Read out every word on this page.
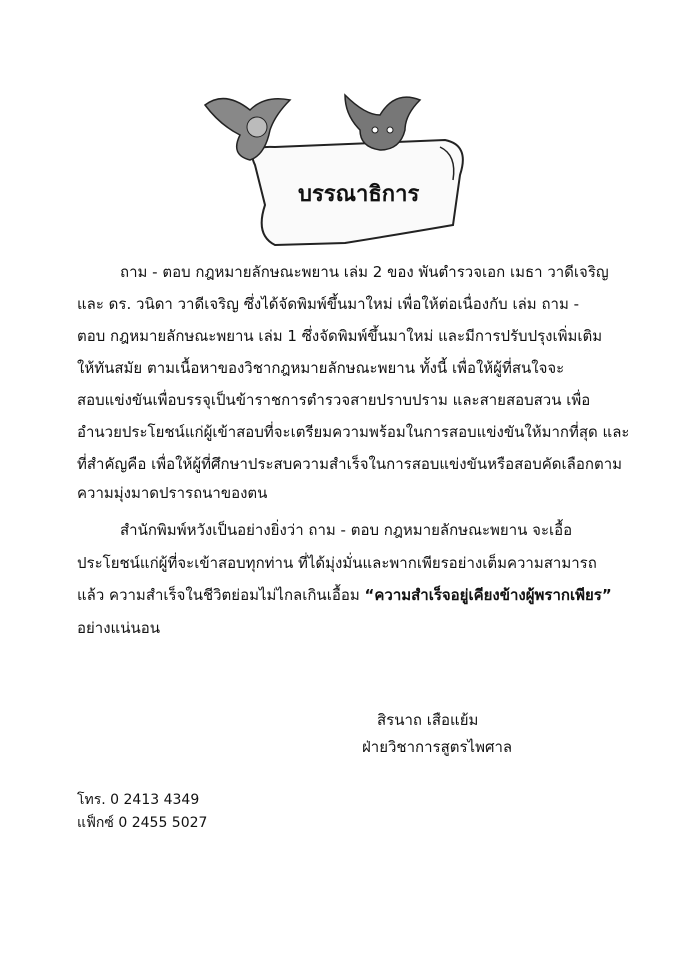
บรรณาธิการ
ถาม - ตอบ กฎหมายลักษณะพยาน เล่ม 2 ของ พันตำรวจเอก เมธา วาดีเจริญ
และ ดร. วนิดา วาดีเจริญ ซึ่งได้จัดพิมพ์ขึ้นมาใหม่ เพื่อให้ต่อเนื่องกับ เล่ม ถาม -
ตอบ กฎหมายลักษณะพยาน เล่ม 1 ซึ่งจัดพิมพ์ขึ้นมาใหม่ และมีการปรับปรุงเพิ่มเติม
ให้ทันสมัย ตามเนื้อหาของวิชากฎหมายลักษณะพยาน ทั้งนี้ เพื่อให้ผู้ที่สนใจจะ
สอบแข่งขันเพื่อบรรจุเป็นข้าราชการตำรวจสายปราบปราม และสายสอบสวน เพื่อ
อำนวยประโยชน์แก่ผู้เข้าสอบที่จะเตรียมความพร้อมในการสอบแข่งขันให้มากที่สุด และ
ที่สำคัญคือ เพื่อให้ผู้ที่ศึกษาประสบความสำเร็จในการสอบแข่งขันหรือสอบคัดเลือกตาม
ความมุ่งมาดปรารถนาของตน
สำนักพิมพ์หวังเป็นอย่างยิ่งว่า ถาม - ตอบ กฎหมายลักษณะพยาน จะเอื้อ
ประโยชน์แก่ผู้ที่จะเข้าสอบทุกท่าน ที่ได้มุ่งมั่นและพากเพียรอย่างเต็มความสามารถ
แล้ว ความสำเร็จในชีวิตย่อมไม่ไกลเกินเอื้อม “ความสำเร็จอยู่เคียงข้างผู้พรากเพียร”
อย่างแน่นอน
สิรนาถ เสือแย้ม
ฝ่ายวิชาการสูตรไพศาล
โทร. 0 2413 4349
แฟ็กซ์ 0 2455 5027
